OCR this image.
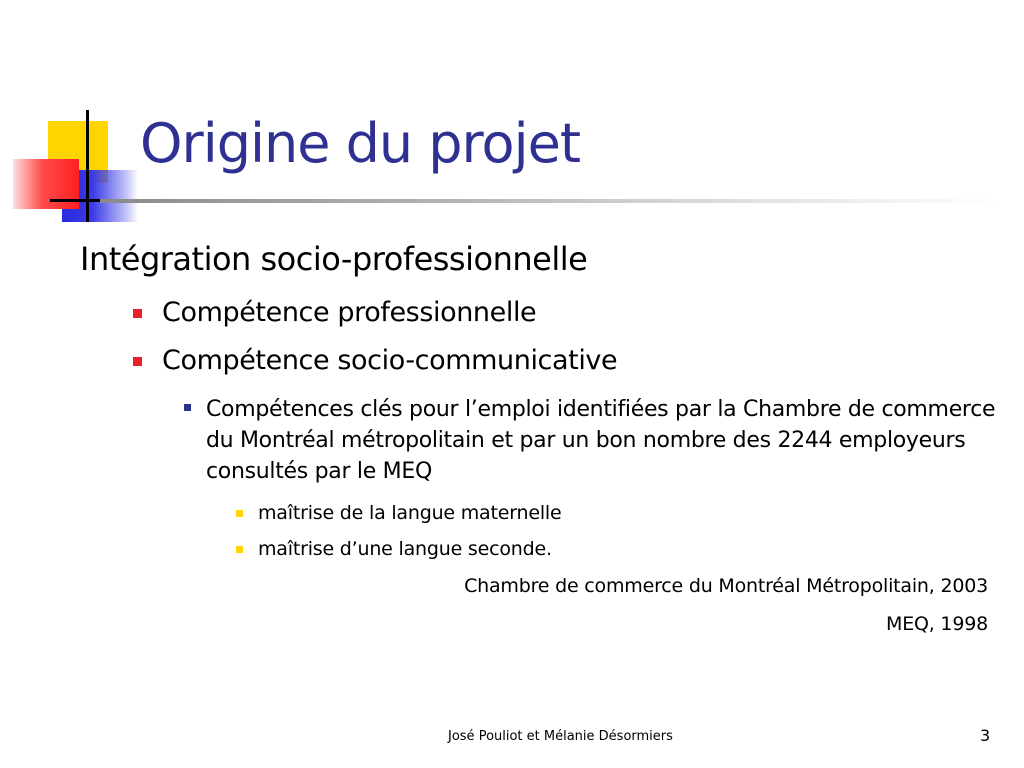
Origine du projet
Intégration socio-professionnelle
Compétence professionnelle
Compétence socio-communicative
Compétences clés pour l’emploi identifiées par la Chambre de commerce du Montréal métropolitain et par un bon nombre des 2244 employeurs consultés par le MEQ
maîtrise de la langue maternelle
maîtrise d’une langue seconde.
Chambre de commerce du Montréal Métropolitain, 2003
MEQ, 1998
José Pouliot et Mélanie Désormiers	3
